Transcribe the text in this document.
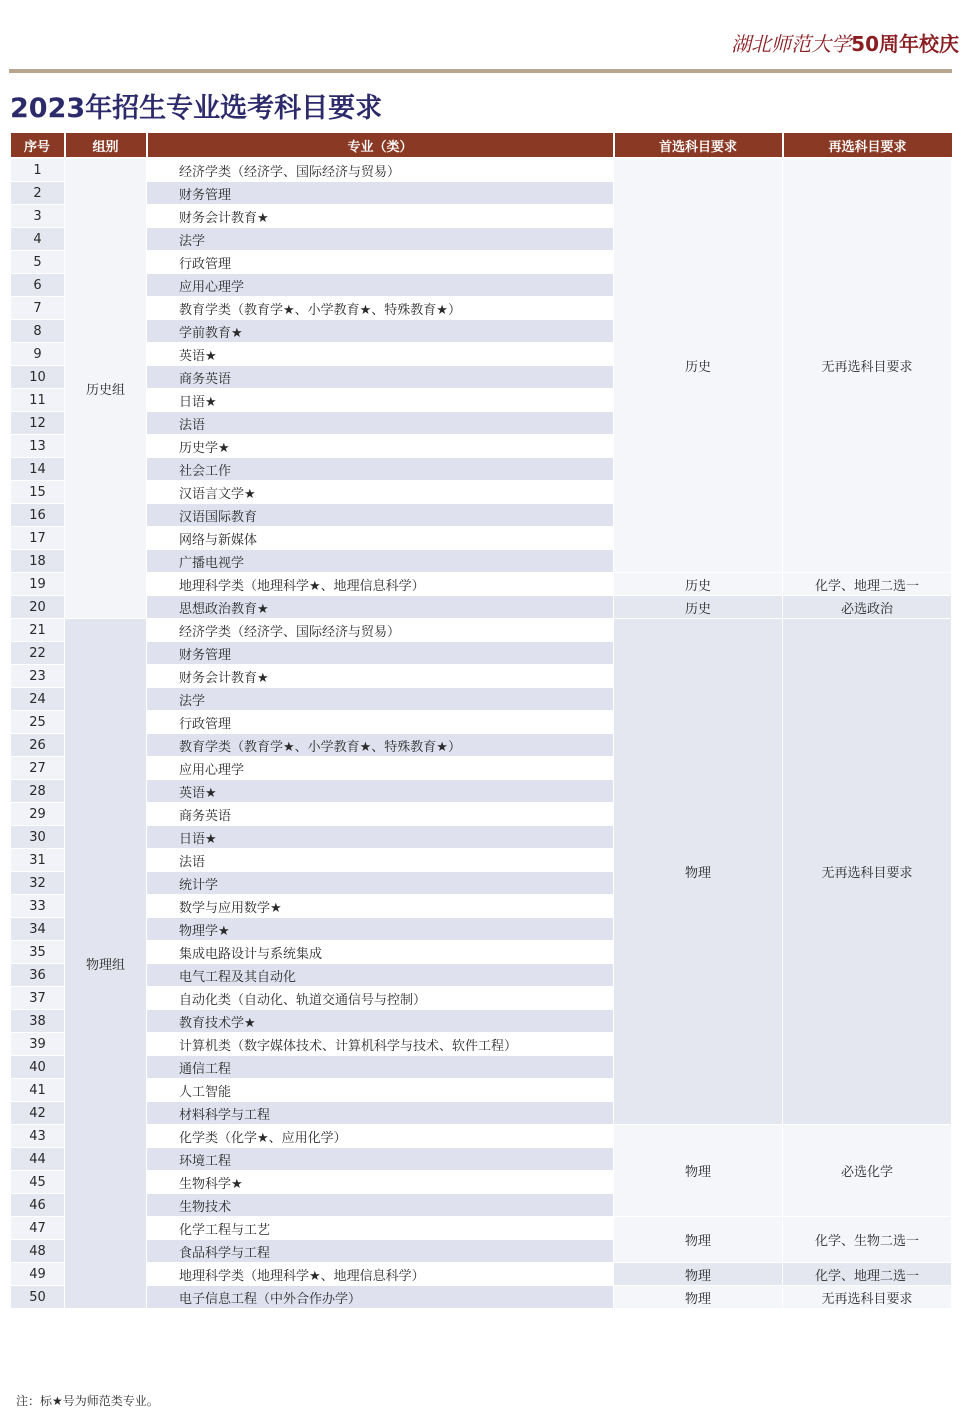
湖北师范大学50周年校庆
2023年招生专业选考科目要求
序号	组别	专业（类）	首选科目要求	再选科目要求
1	历史组	经济学类（经济学、国际经济与贸易）	历史	无再选科目要求
2		财务管理		
3		财务会计教育★		
4		法学		
5		行政管理		
6		应用心理学		
7		教育学类（教育学★、小学教育★、特殊教育★）		
8		学前教育★		
9		英语★		
10		商务英语		
11		日语★		
12		法语		
13		历史学★		
14		社会工作		
15		汉语言文学★		
16		汉语国际教育		
17		网络与新媒体		
18		广播电视学		
19		地理科学类（地理科学★、地理信息科学）	历史	化学、地理二选一
20		思想政治教育★	历史	必选政治
21	物理组	经济学类（经济学、国际经济与贸易）	物理	无再选科目要求
22		财务管理		
23		财务会计教育★		
24		法学		
25		行政管理		
26		教育学类（教育学★、小学教育★、特殊教育★）		
27		应用心理学		
28		英语★		
29		商务英语		
30		日语★		
31		法语		
32		统计学		
33		数学与应用数学★		
34		物理学★		
35		集成电路设计与系统集成		
36		电气工程及其自动化		
37		自动化类（自动化、轨道交通信号与控制）		
38		教育技术学★		
39		计算机类（数字媒体技术、计算机科学与技术、软件工程）		
40		通信工程		
41		人工智能		
42		材料科学与工程		
43		化学类（化学★、应用化学）	物理	必选化学
44		环境工程		
45		生物科学★		
46		生物技术		
47		化学工程与工艺	物理	化学、生物二选一
48		食品科学与工程		
49		地理科学类（地理科学★、地理信息科学）	物理	化学、地理二选一
50		电子信息工程（中外合作办学）	物理	无再选科目要求
注：标★号为师范类专业。
